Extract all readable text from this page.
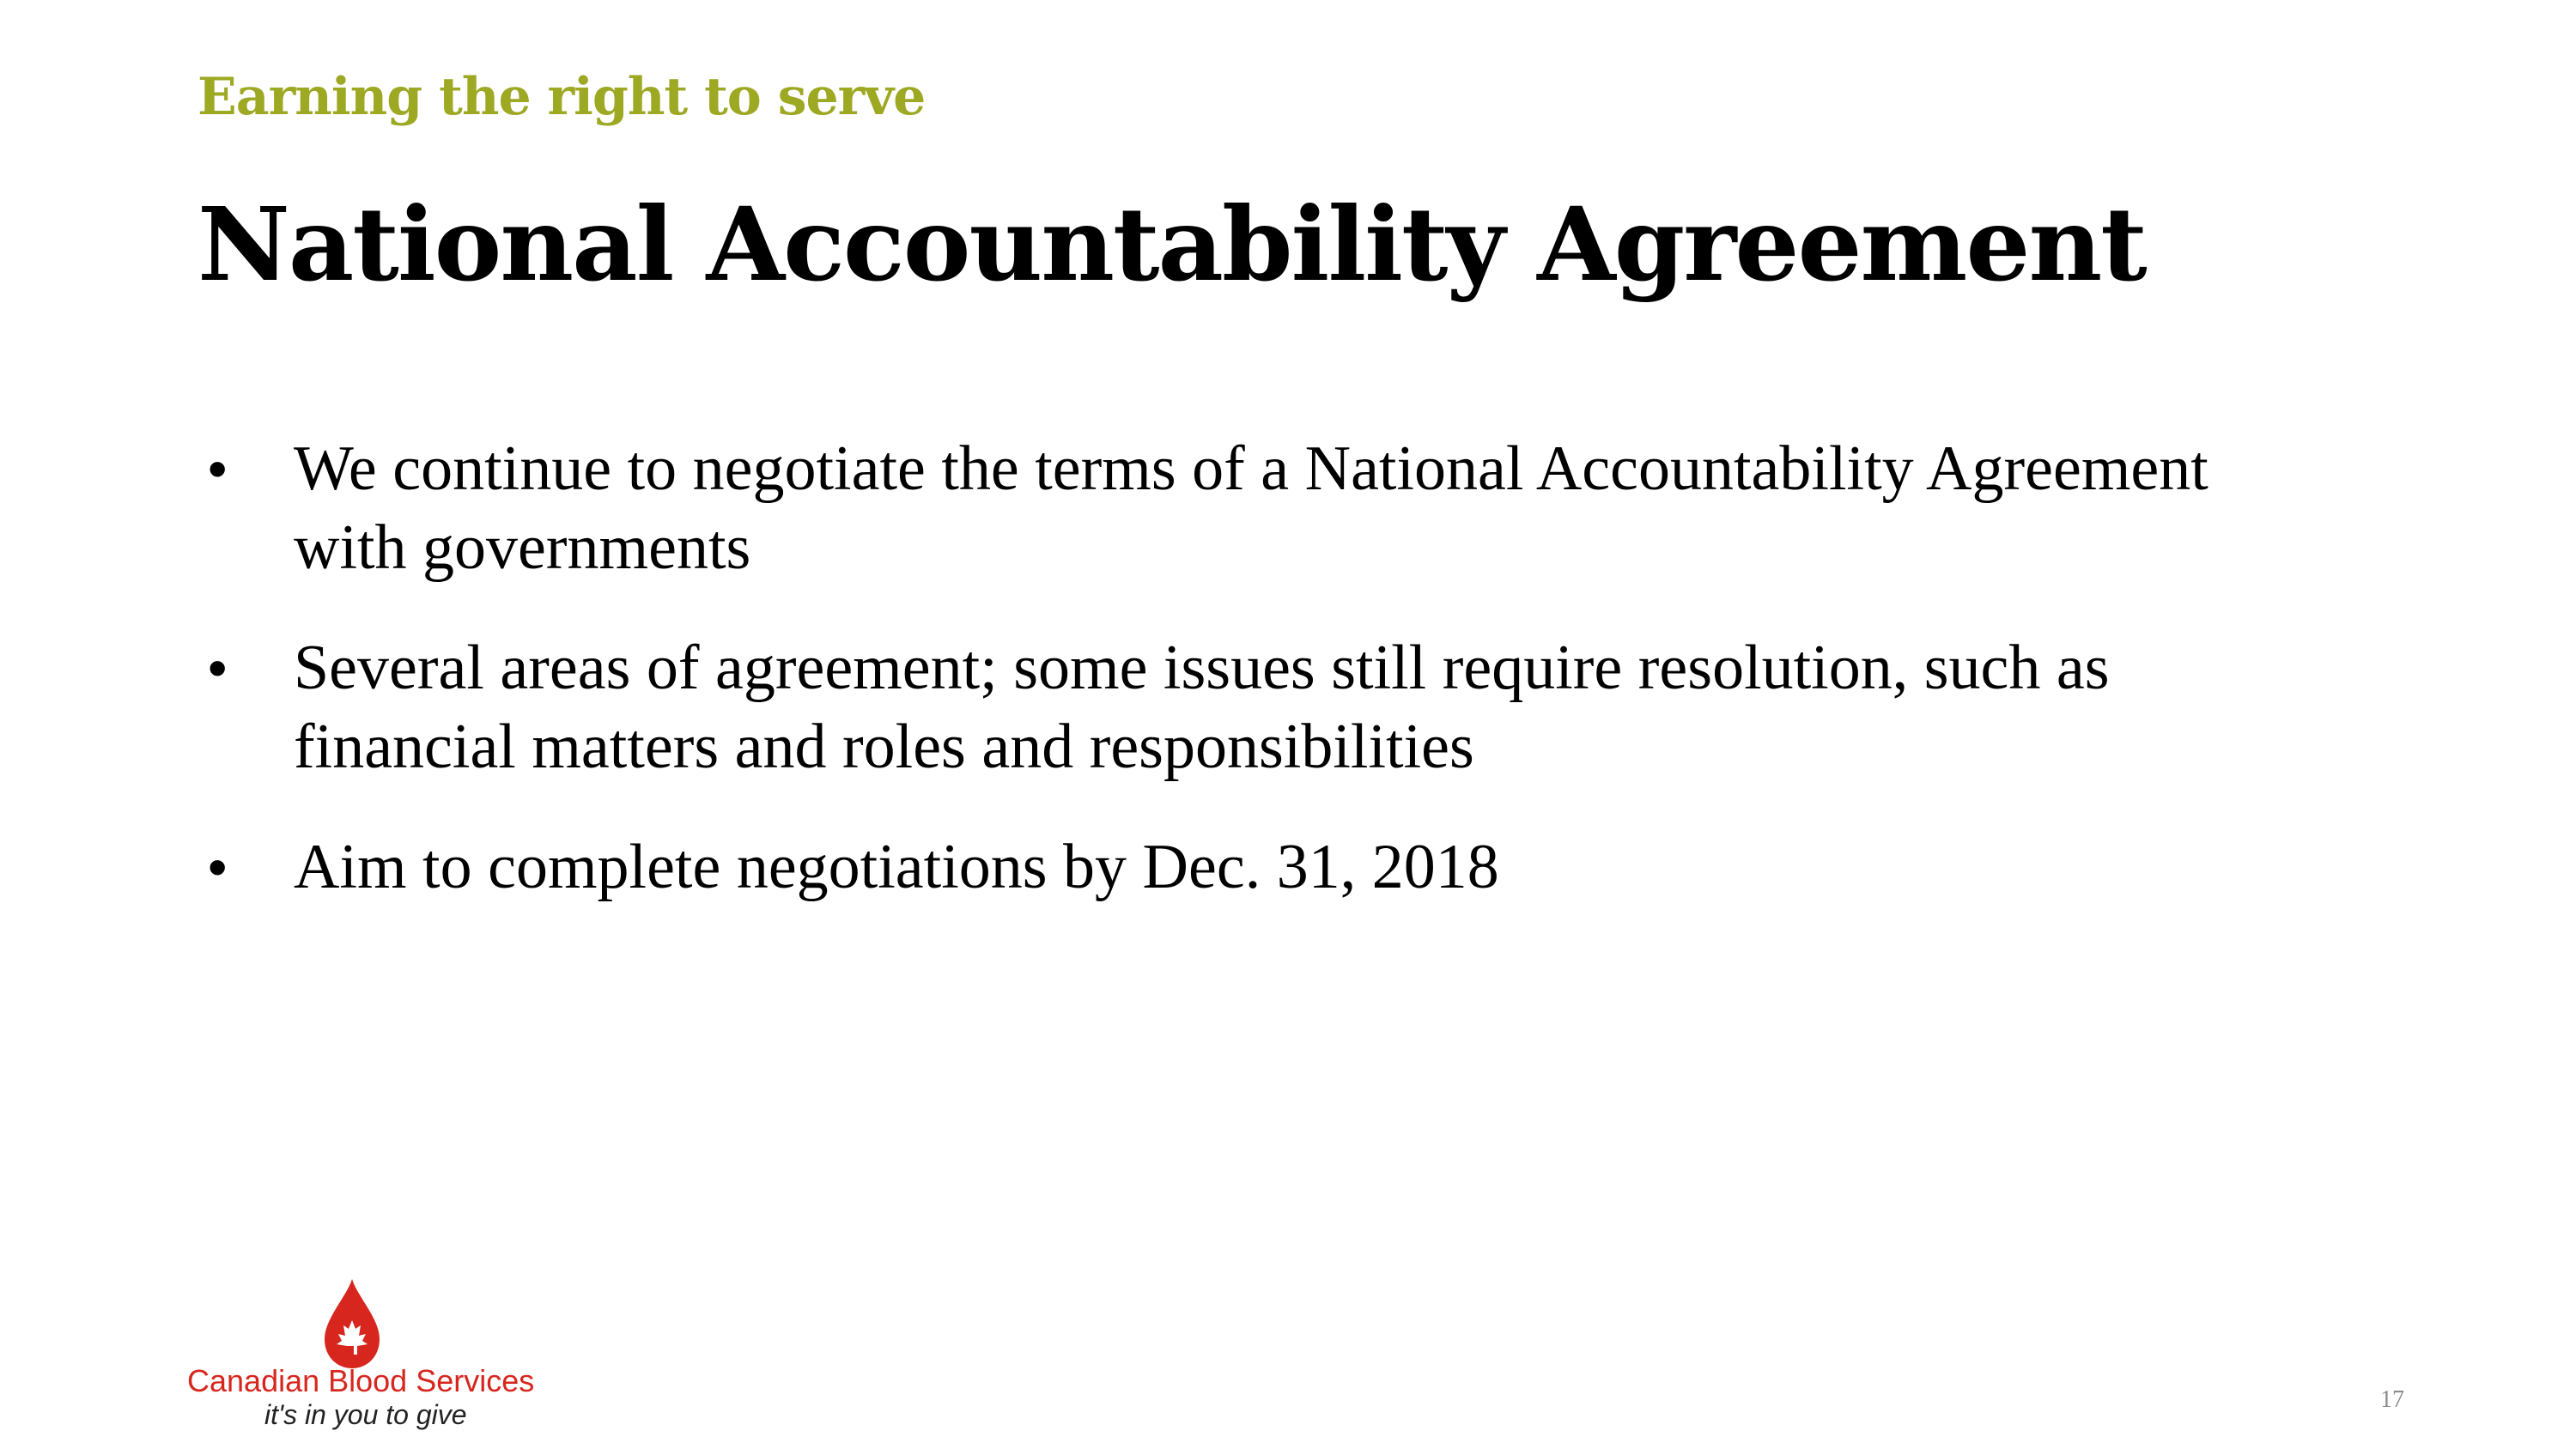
Earning the right to serve
National Accountability Agreement
• We continue to negotiate the terms of a National Accountability Agreement with governments
• Several areas of agreement; some issues still require resolution, such as financial matters and roles and responsibilities
• Aim to complete negotiations by Dec. 31, 2018
Canadian Blood Services
it's in you to give	17
